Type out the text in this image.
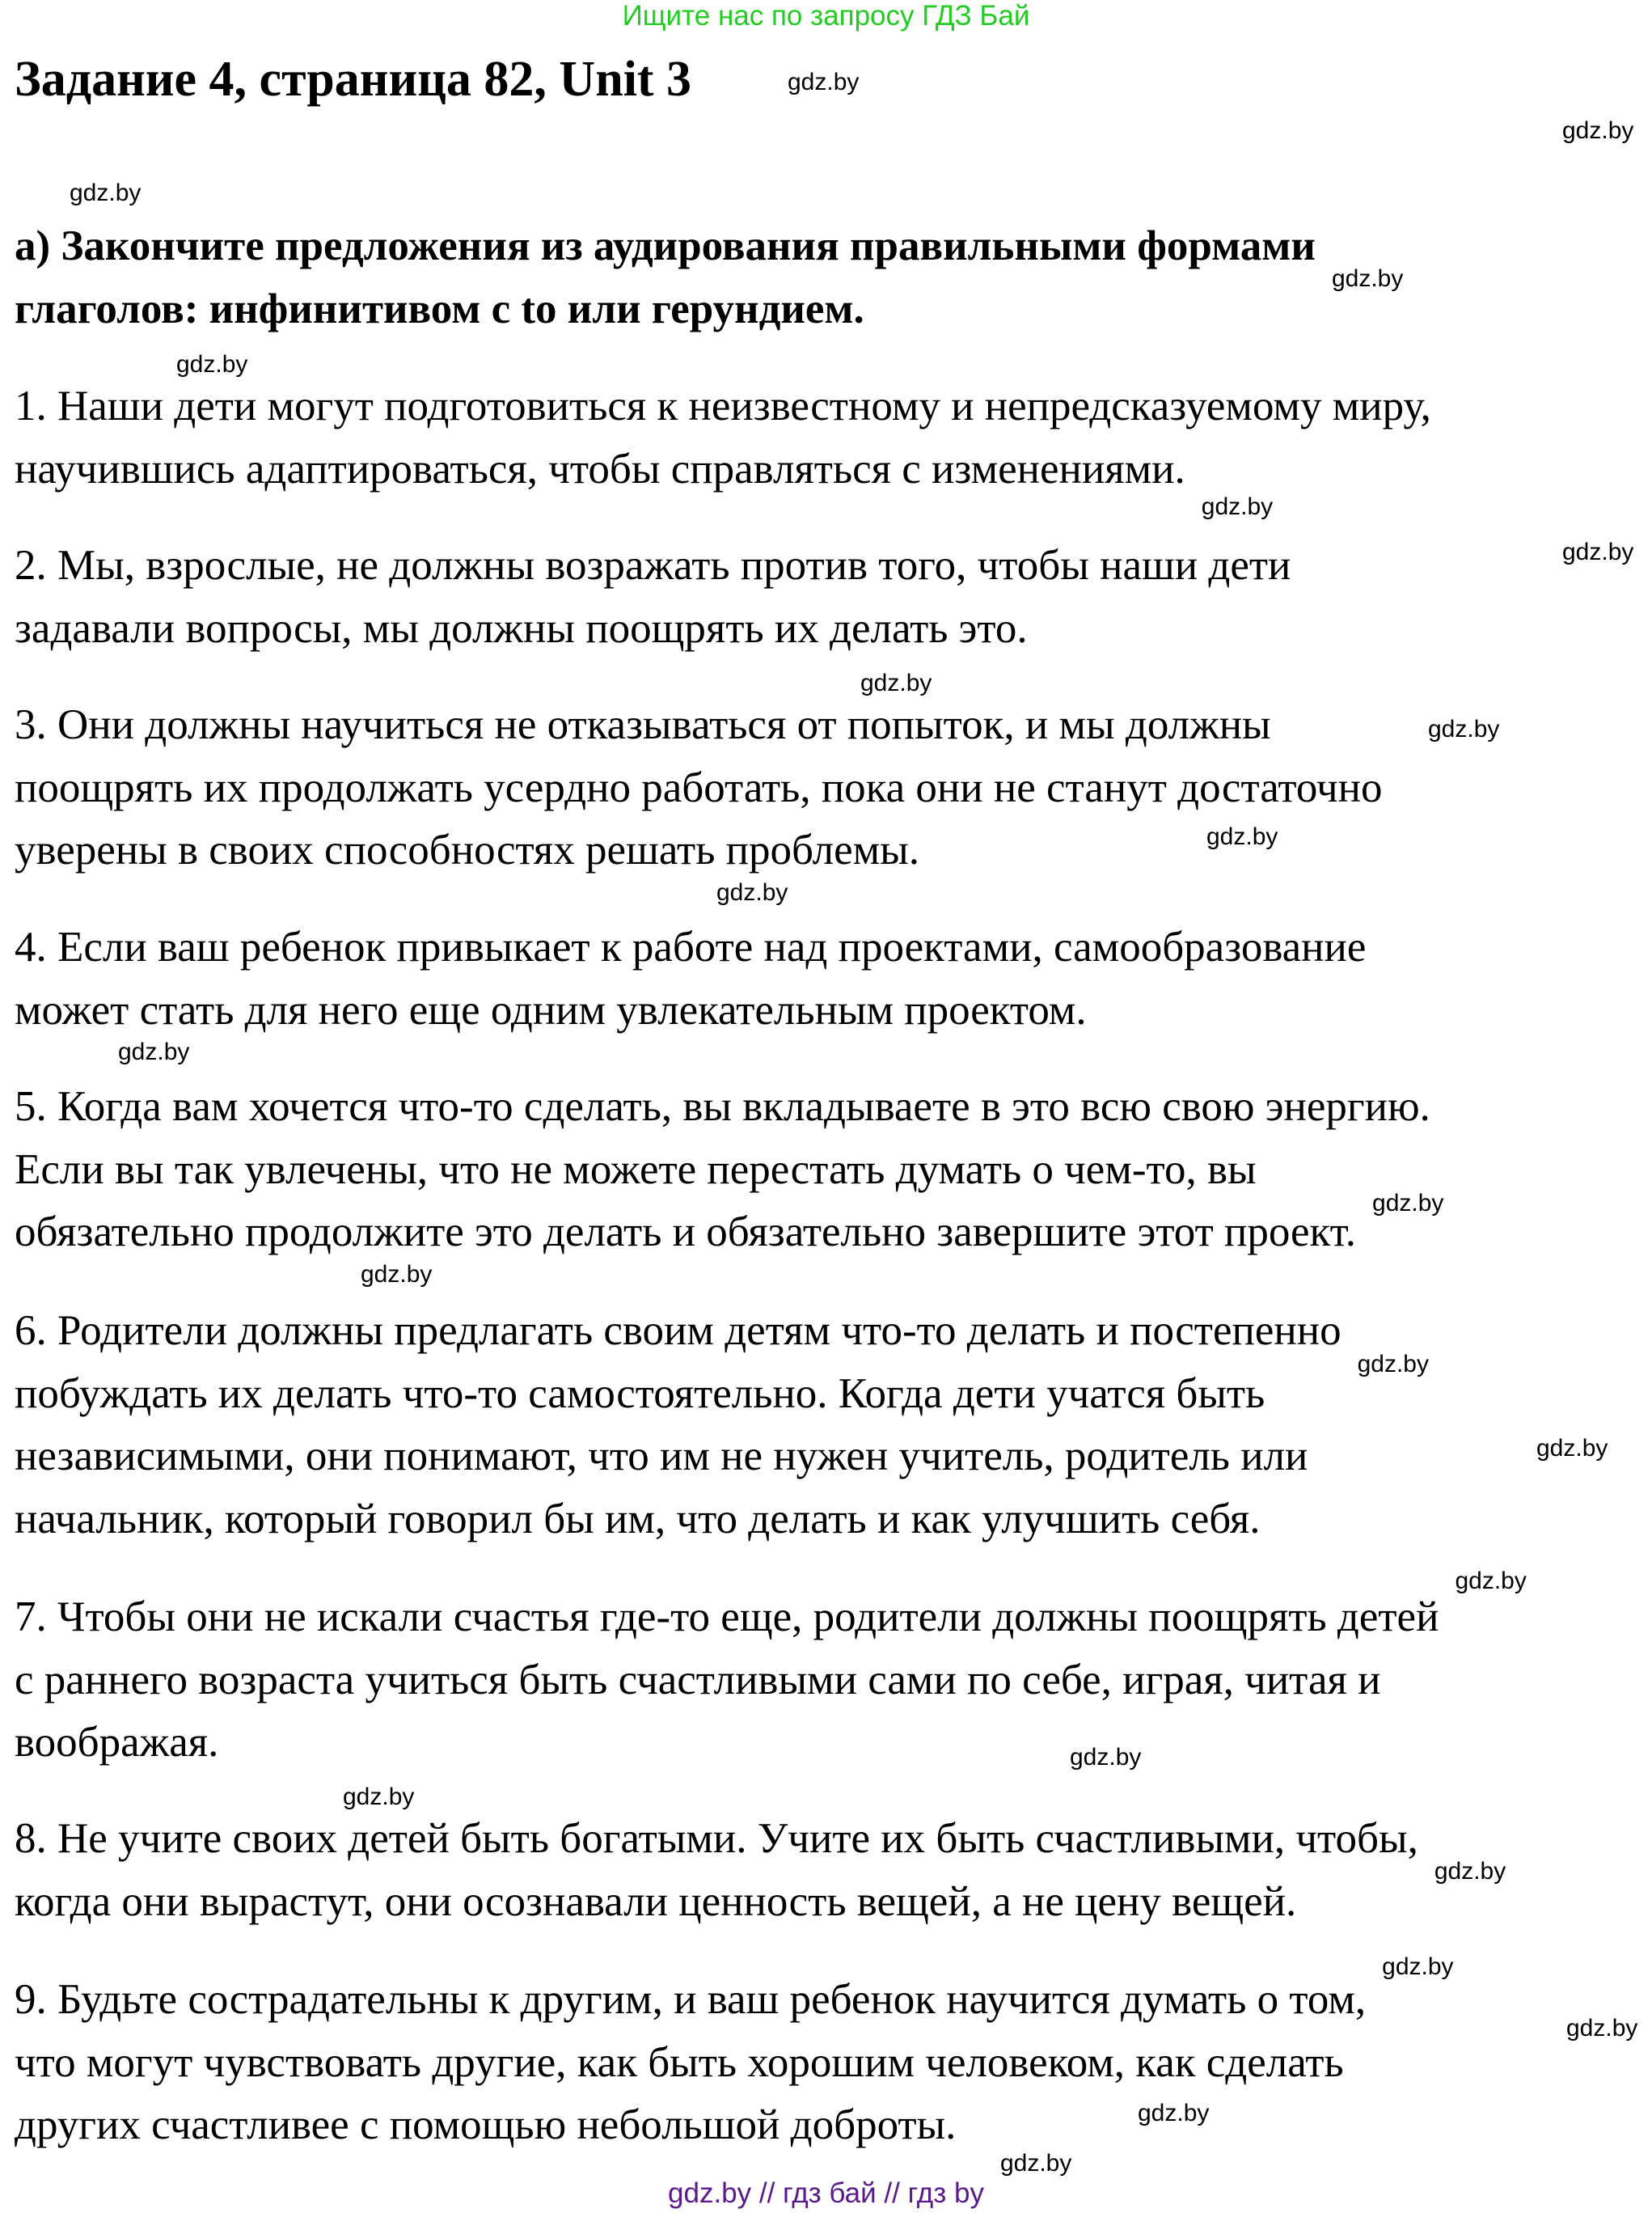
Ищите нас по запросу ГДЗ Бай
Задание 4, страница 82, Unit 3
а) Закончите предложения из аудирования правильными формами
глаголов: инфинитивом с to или герундием.
1. Наши дети могут подготовиться к неизвестному и непредсказуемому миру,
научившись адаптироваться, чтобы справляться с изменениями.
2. Мы, взрослые, не должны возражать против того, чтобы наши дети
задавали вопросы, мы должны поощрять их делать это.
3. Они должны научиться не отказываться от попыток, и мы должны
поощрять их продолжать усердно работать, пока они не станут достаточно
уверены в своих способностях решать проблемы.
4. Если ваш ребенок привыкает к работе над проектами, самообразование
может стать для него еще одним увлекательным проектом.
5. Когда вам хочется что-то сделать, вы вкладываете в это всю свою энергию.
Если вы так увлечены, что не можете перестать думать о чем-то, вы
обязательно продолжите это делать и обязательно завершите этот проект.
6. Родители должны предлагать своим детям что-то делать и постепенно
побуждать их делать что-то самостоятельно. Когда дети учатся быть
независимыми, они понимают, что им не нужен учитель, родитель или
начальник, который говорил бы им, что делать и как улучшить себя.
7. Чтобы они не искали счастья где-то еще, родители должны поощрять детей
с раннего возраста учиться быть счастливыми сами по себе, играя, читая и
воображая.
8. Не учите своих детей быть богатыми. Учите их быть счастливыми, чтобы,
когда они вырастут, они осознавали ценность вещей, а не цену вещей.
9. Будьте сострадательны к другим, и ваш ребенок научится думать о том,
что могут чувствовать другие, как быть хорошим человеком, как сделать
других счастливее с помощью небольшой доброты.
gdz.by
gdz.by
gdz.by
gdz.by
gdz.by
gdz.by
gdz.by
gdz.by
gdz.by
gdz.by
gdz.by
gdz.by
gdz.by
gdz.by
gdz.by
gdz.by
gdz.by
gdz.by
gdz.by
gdz.by
gdz.by
gdz.by
gdz.by
gdz.by
gdz.by // гдз бай // гдз by
